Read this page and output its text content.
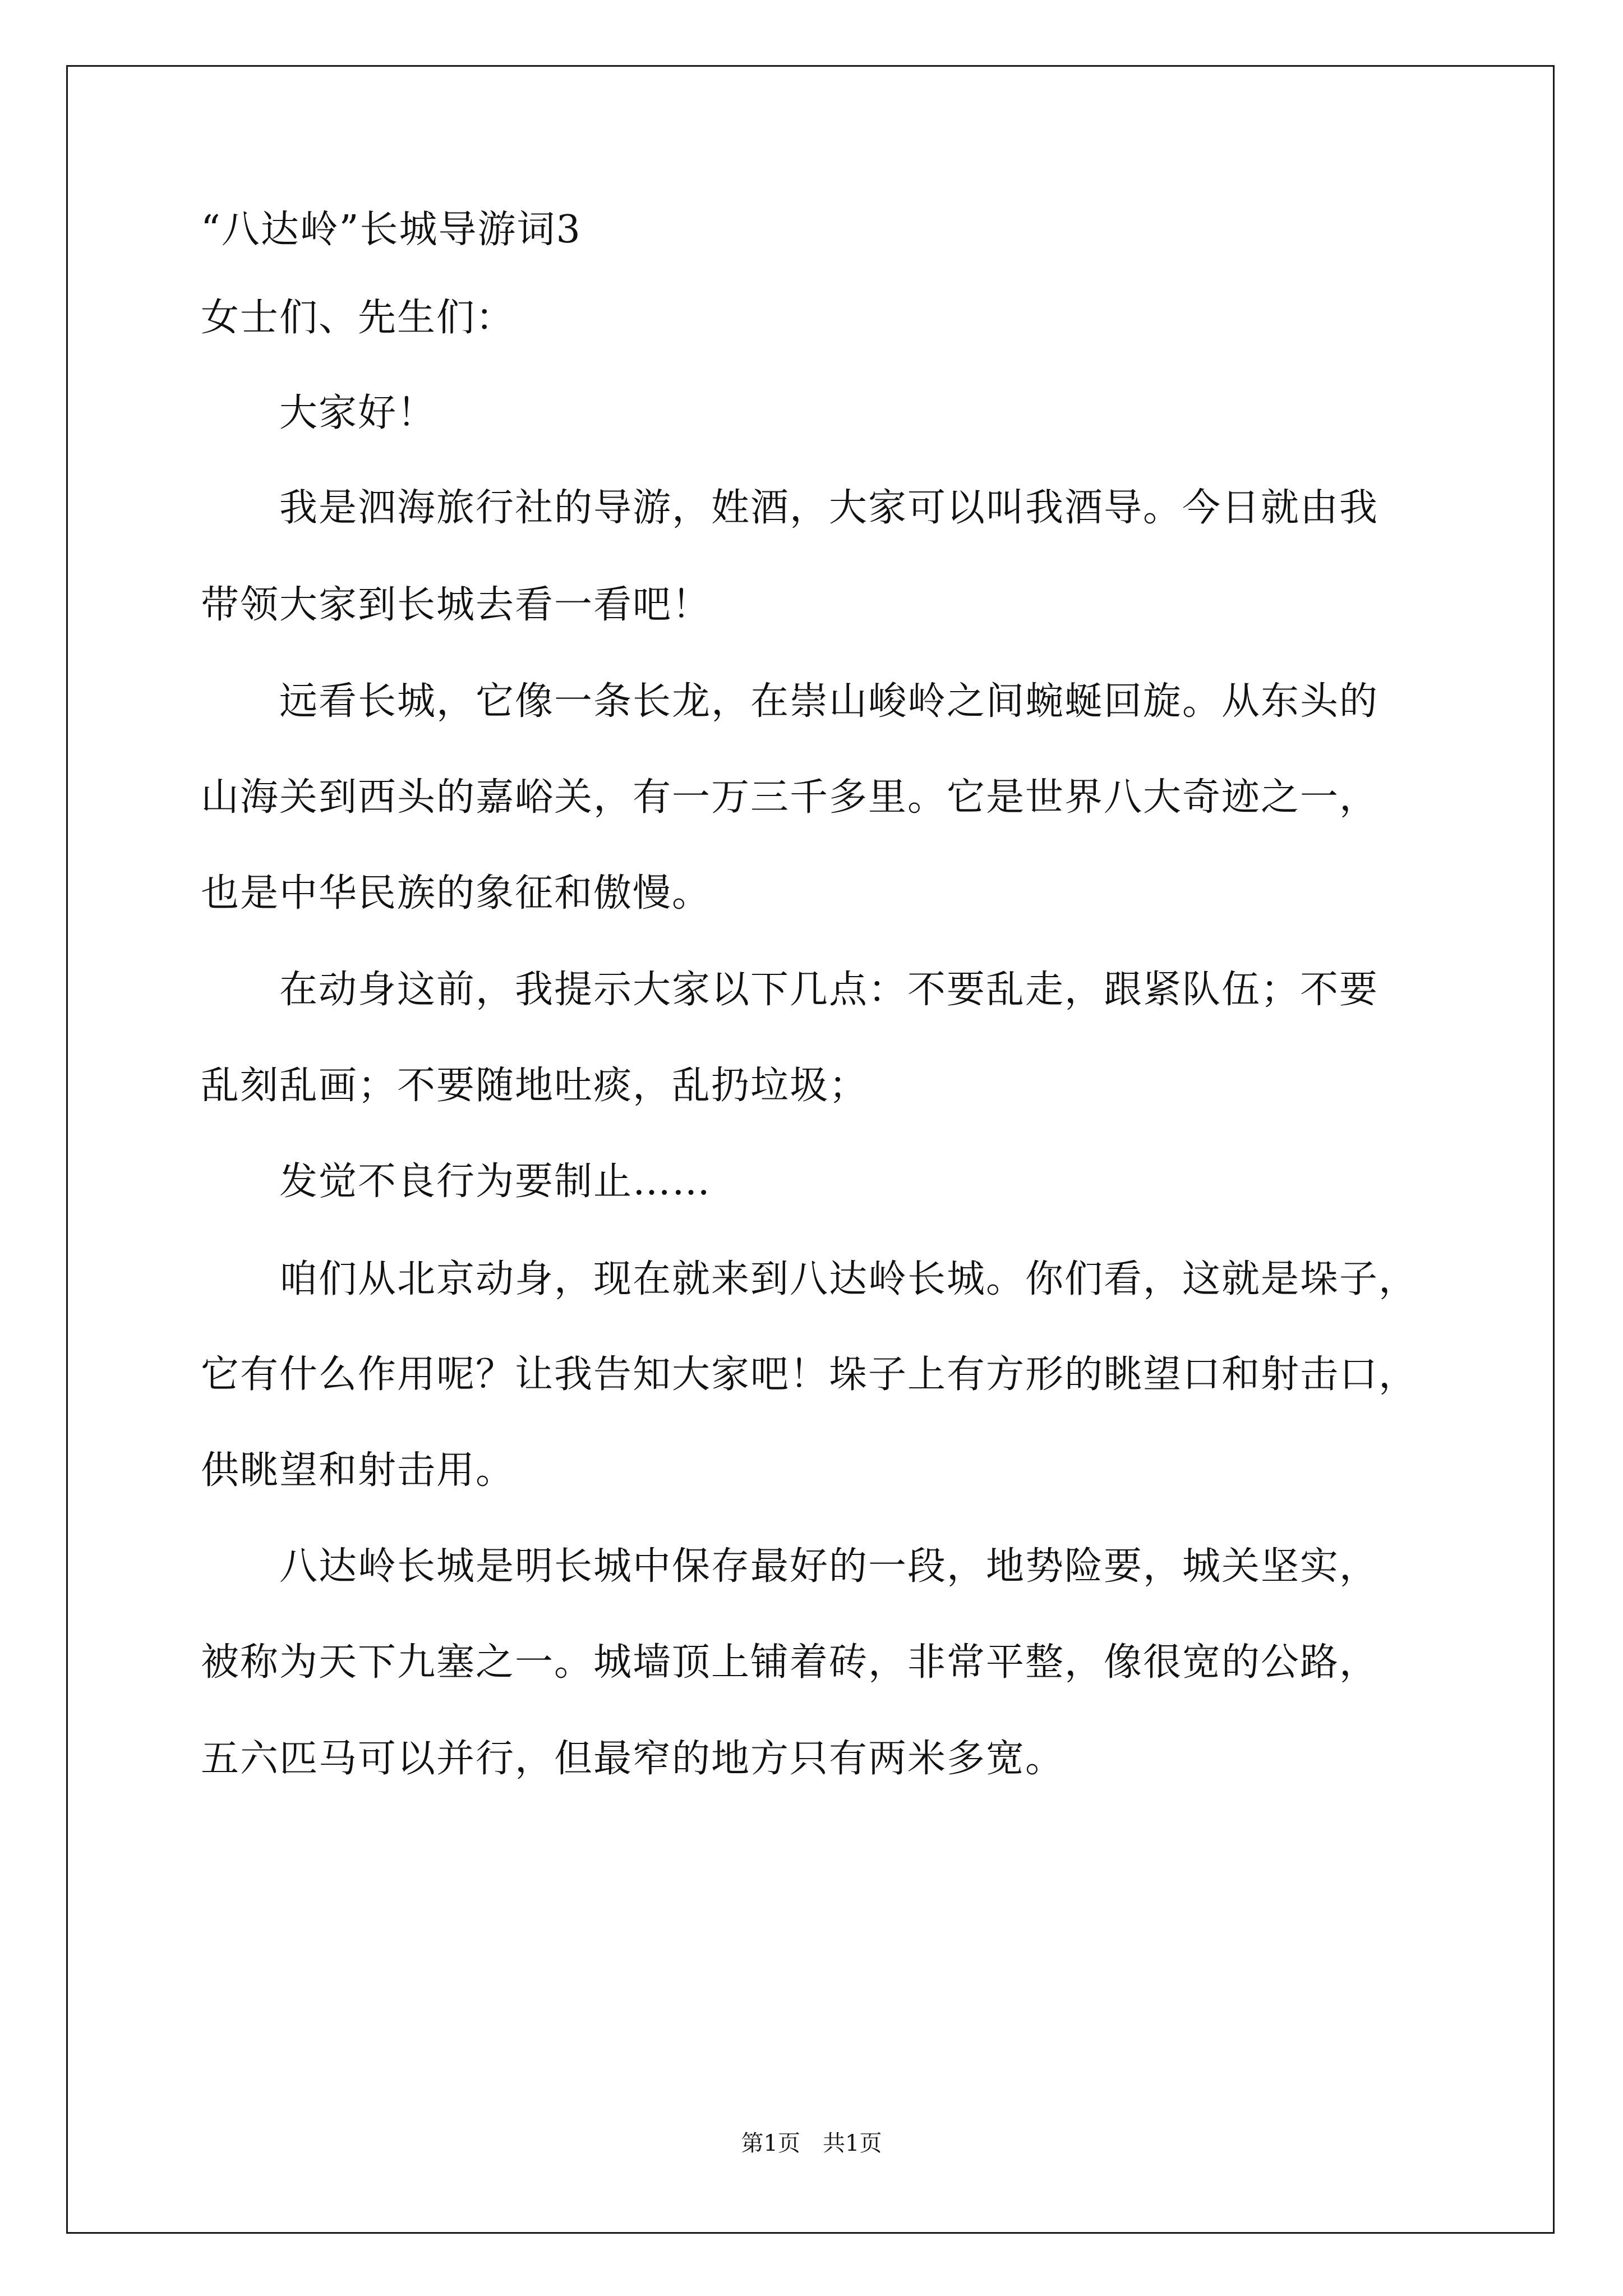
“八达岭”长城导游词3
女士们、先生们：
大家好！
我是泗海旅行社的导游，姓酒，大家可以叫我酒导。今日就由我
带领大家到长城去看一看吧！
远看长城，它像一条长龙，在崇山峻岭之间蜿蜒回旋。从东头的
山海关到西头的嘉峪关，有一万三千多里。它是世界八大奇迹之一，
也是中华民族的象征和傲慢。
在动身这前，我提示大家以下几点：不要乱走，跟紧队伍；不要
乱刻乱画；不要随地吐痰，乱扔垃圾；
发觉不良行为要制止……
咱们从北京动身，现在就来到八达岭长城。你们看，这就是垛子，
它有什么作用呢？让我告知大家吧！垛子上有方形的眺望口和射击口，
供眺望和射击用。
八达岭长城是明长城中保存最好的一段，地势险要，城关坚实，
被称为天下九塞之一。城墙顶上铺着砖，非常平整，像很宽的公路，
五六匹马可以并行，但最窄的地方只有两米多宽。
第1页　共1页
